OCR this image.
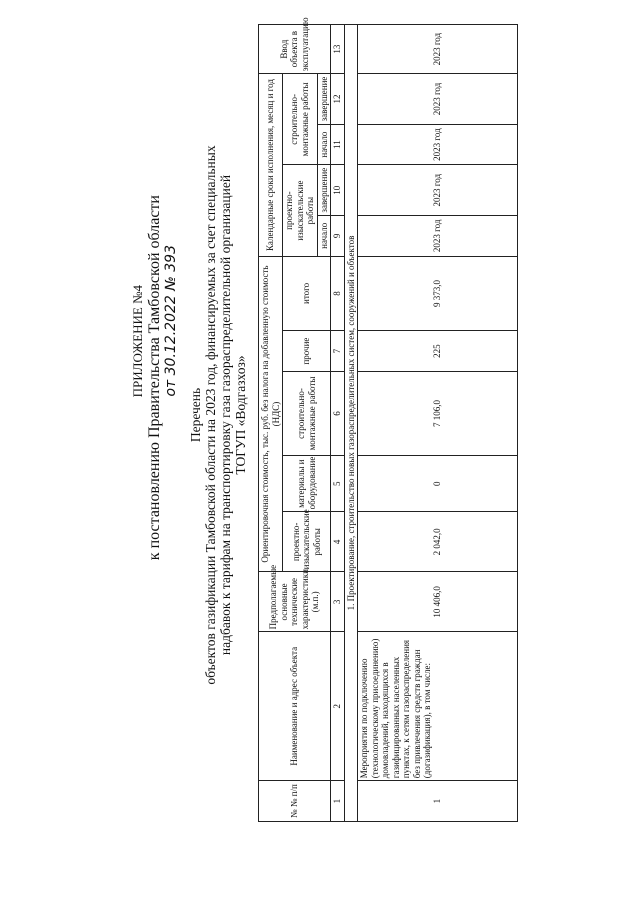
ПРИЛОЖЕНИЕ №4 к постановлению Правительства Тамбовской области от 30.12.2022 № 393
Перечень объектов газификации Тамбовской области на 2023 год, финансируемых за счет специальных надбавок к тарифам на транспортировку газа газораспределительной организацией ТОГУП «Водгазхоз»
№ № п/п	Наименование и адрес объекта	Предполагаемые основные технические характеристики (м.п.)	Ориентировочная стоимость, тыс. руб. без налога на добавленную стоимость (НДС)					Календарные сроки исполнения, месяц и год				Ввод объекта в эксплуатацию
			проектно-изыскательские работы	материалы и оборудование	строительно-монтажные работы	прочие	итого	проектно-изыскательские работы		строительно-монтажные работы		
								начало	завершение	начало	завершение	
1	2	3	4	5	6	7	8	9	10	11	12	13
1. Проектирование, строительство новых газораспределительных систем, сооружений и объектов												
1	Мероприятия по подключению (технологическому присоединению) домовладений, находящихся в газифицированных населенных пунктах, к сетям газораспределения без привлечения средств граждан (догазификация), в том числе:	10 406,0	2 042,0	0	7 106,0	225	9 373,0	2023 год	2023 год	2023 год	2023 год	2023 год
